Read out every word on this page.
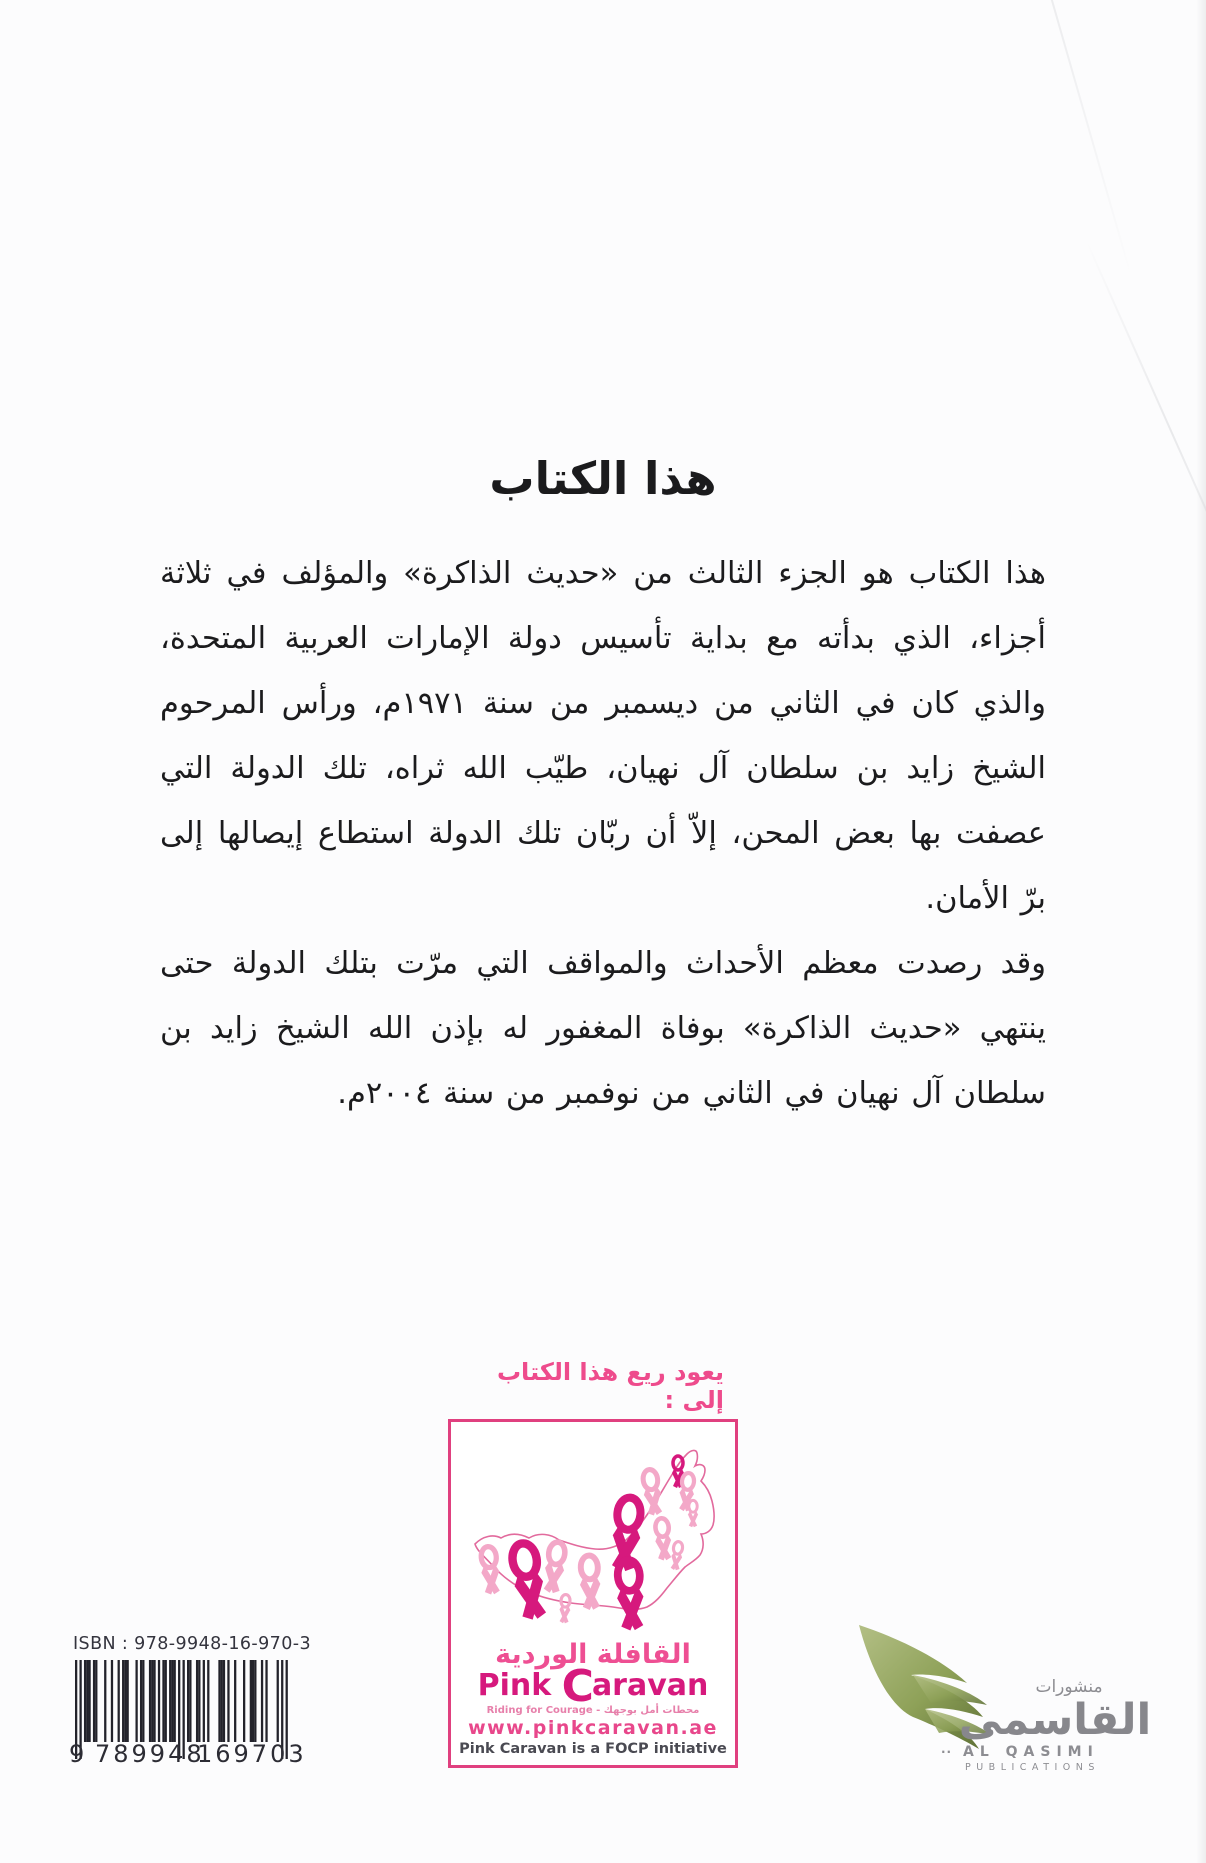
هذا الكتاب

هذا الكتاب هو الجزء الثالث من «حديث الذاكرة» والمؤلف في ثلاثة أجزاء، الذي بدأته مع بداية تأسيس دولة الإمارات العربية المتحدة، والذي كان في الثاني من ديسمبر من سنة ١٩٧١م، ورأس المرحوم الشيخ زايد بن سلطان آل نهيان، طيّب الله ثراه، تلك الدولة التي عصفت بها بعض المحن، إلاّ أن ربّان تلك الدولة استطاع إيصالها إلى برّ الأمان.

وقد رصدت معظم الأحداث والمواقف التي مرّت بتلك الدولة حتى ينتهي «حديث الذاكرة» بوفاة المغفور له بإذن الله الشيخ زايد بن سلطان آل نهيان في الثاني من نوفمبر من سنة ٢٠٠٤م.

يعود ريع هذا الكتاب إلى :
القافلة الوردية
Pink Caravan
Riding for Courage - محطات أمل بوجهك
www.pinkcaravan.ae
Pink Caravan is a FOCP initiative
ISBN : 978-9948-16-970-3
9 789948
169703
منشورات
القاسمى
·· AL QASIMI
PUBLICATIONS
